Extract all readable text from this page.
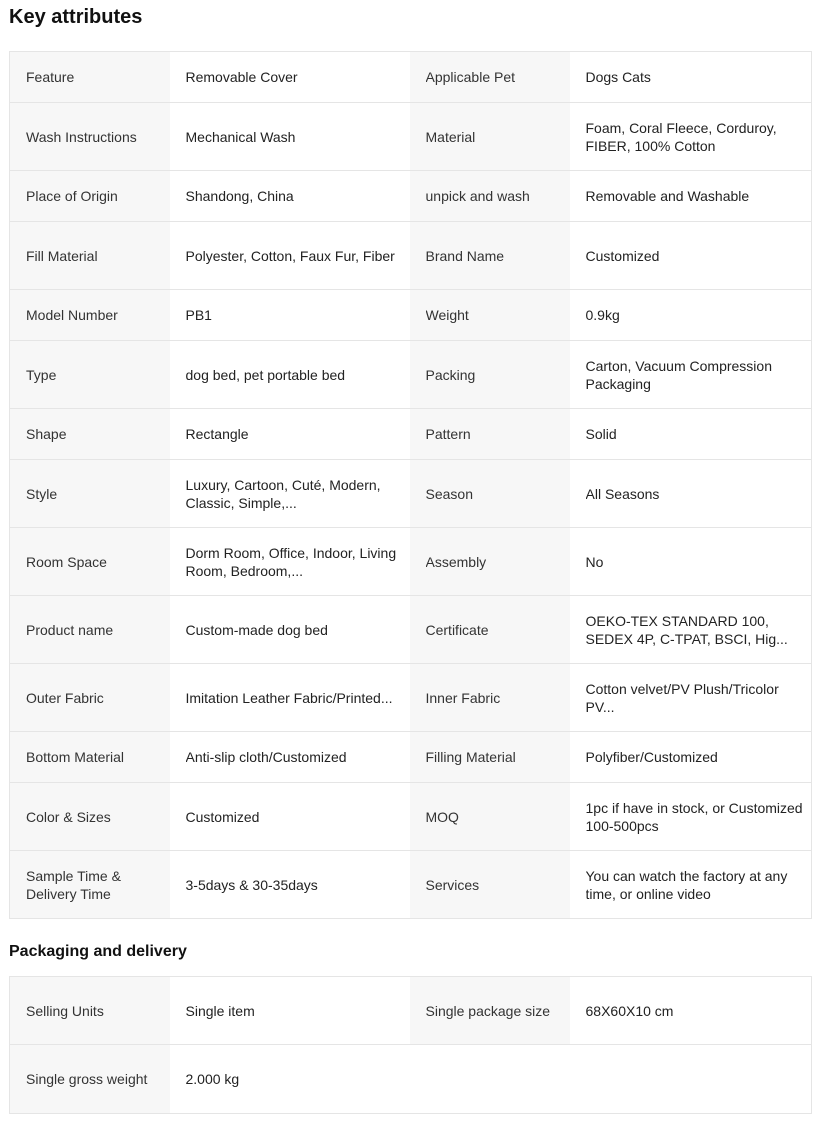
Key attributes
Feature	Removable Cover	Applicable Pet	Dogs Cats

Wash Instructions	Mechanical Wash	Material	Foam, Coral Fleece, Corduroy, FIBER, 100% Cotton

Place of Origin	Shandong, China	unpick and wash	Removable and Washable

Fill Material	Polyester, Cotton, Faux Fur, Fiber	Brand Name	Customized

Model Number	PB1	Weight	0.9kg

Type	dog bed, pet portable bed	Packing	Carton, Vacuum Compression Packaging

Shape	Rectangle	Pattern	Solid

Style	Luxury, Cartoon, Cuté, Modern, Classic, Simple,...	Season	All Seasons

Room Space	Dorm Room, Office, Indoor, Living Room, Bedroom,...	Assembly	No

Product name	Custom-made dog bed	Certificate	OEKO-TEX STANDARD 100, SEDEX 4P, C-TPAT, BSCI, Hig...

Outer Fabric	Imitation Leather Fabric/Printed...	Inner Fabric	Cotton velvet/PV Plush/Tricolor PV...

Bottom Material	Anti-slip cloth/Customized	Filling Material	Polyfiber/Customized

Color & Sizes	Customized	MOQ	1pc if have in stock, or Customized 100-500pcs

Sample Time & Delivery Time	3-5days & 30-35days	Services	You can watch the factory at any time, or online video
Packaging and delivery
Selling Units	Single item	Single package size	68X60X10 cm

Single gross weight	2.000 kg		
